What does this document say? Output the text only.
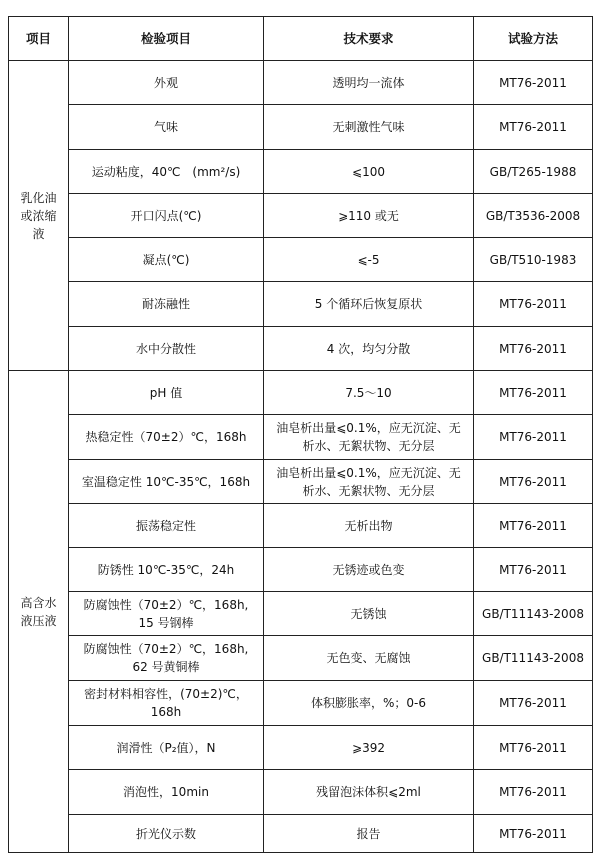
项目	检验项目	技术要求	试验方法

乳化油
或浓缩
液	外观	透明均一流体	MT76-2011

	气味	无刺激性气味	MT76-2011

	运动粘度，40℃　(mm²/s)	⩽100	GB/T265-1988

	开口闪点(℃)	⩾110 或无	GB/T3536-2008

	凝点(℃)	⩽-5	GB/T510-1983

	耐冻融性	5 个循环后恢复原状	MT76-2011

	水中分散性	4 次，均匀分散	MT76-2011

高含水
液压液	pH 值	7.5～10	MT76-2011

	热稳定性（70±2）℃，168h	油皂析出量⩽0.1%，应无沉淀、无
析水、无絮状物、无分层	MT76-2011

	室温稳定性 10℃-35℃，168h	油皂析出量⩽0.1%，应无沉淀、无
析水、无絮状物、无分层	MT76-2011

	振荡稳定性	无析出物	MT76-2011

	防锈性 10℃-35℃，24h	无锈迹或色变	MT76-2011

	防腐蚀性（70±2）℃，168h,
15 号钢棒	无锈蚀	GB/T11143-2008

	防腐蚀性（70±2）℃，168h,
62 号黄铜棒	无色变、无腐蚀	GB/T11143-2008

	密封材料相容性，(70±2)℃，
168h	体积膨胀率，%；0-6	MT76-2011

	润滑性（P₂值），N	⩾392	MT76-2011

	消泡性，10min	残留泡沫体积⩽2ml	MT76-2011

	折光仪示数	报告	MT76-2011
